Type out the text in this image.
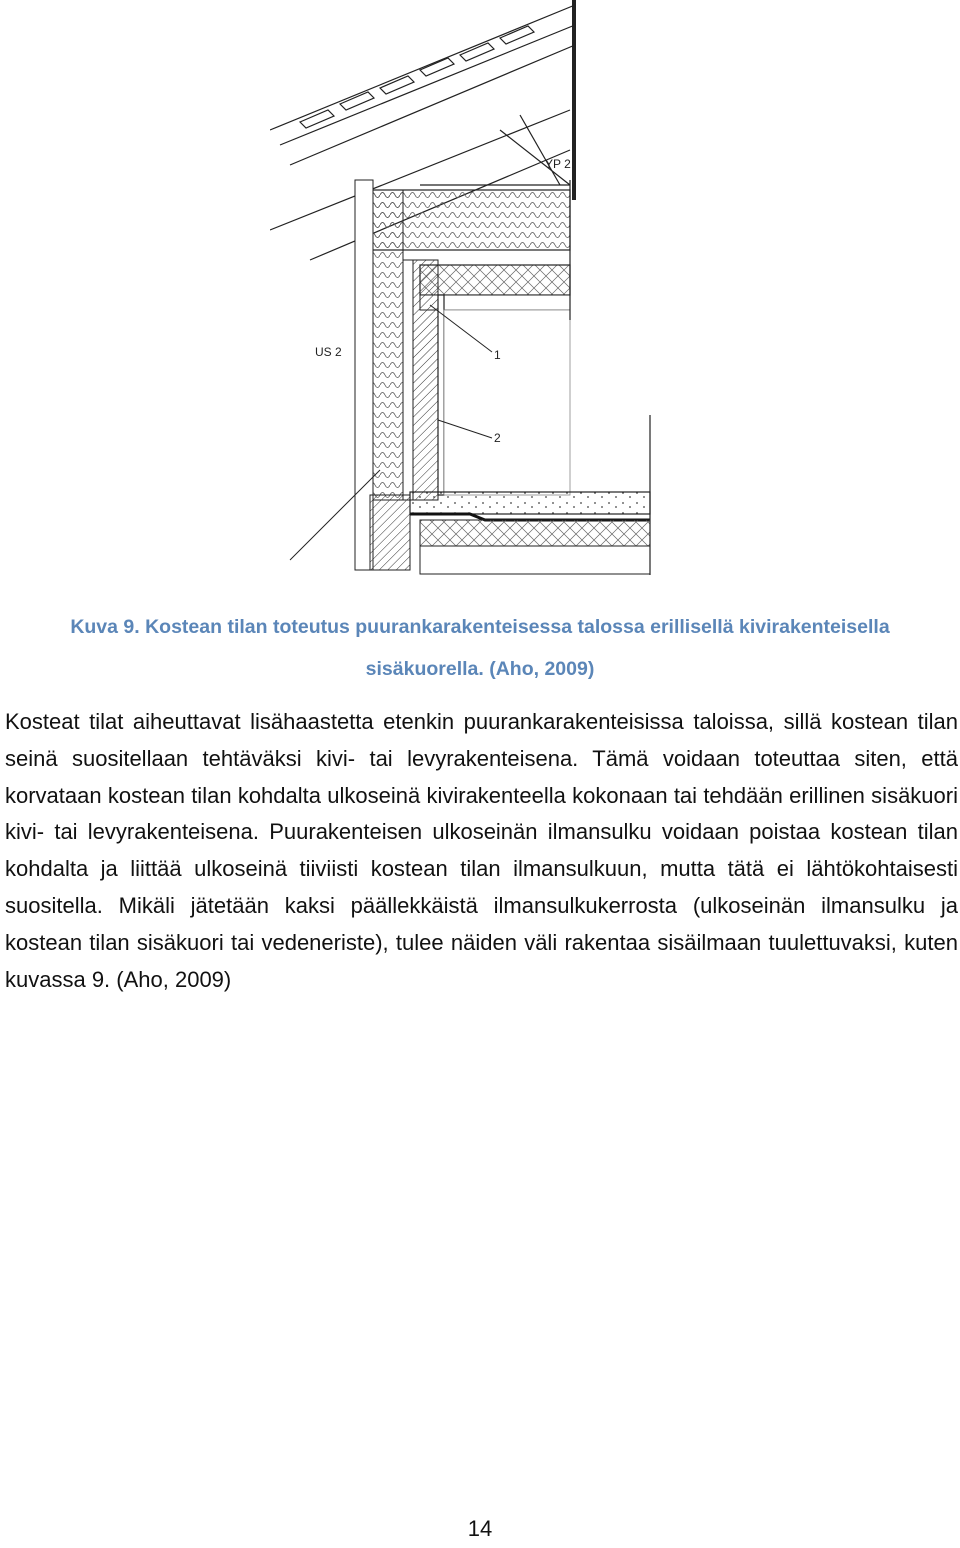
YP 2
US 2	1
2
Kuva 9. Kostean tilan toteutus puurankarakenteisessa talossa erillisellä kivirakenteisella
sisäkuorella. (Aho, 2009)
Kosteat tilat aiheuttavat lisähaastetta etenkin puurankarakenteisissa taloissa, sillä kostean tilan seinä suositellaan tehtäväksi kivi- tai levyrakenteisena. Tämä voidaan toteuttaa siten, että korvataan kostean tilan kohdalta ulkoseinä kivirakenteella kokonaan tai tehdään erillinen sisäkuori kivi- tai levyrakenteisena. Puurakenteisen ulkoseinän ilmansulku voidaan poistaa kostean tilan kohdalta ja liittää ulkoseinä tiiviisti kostean tilan ilmansulkuun, mutta tätä ei lähtökohtaisesti suositella. Mikäli jätetään kaksi päällekkäistä ilmansulkukerrosta (ulkoseinän ilmansulku ja kostean tilan sisäkuori tai vedeneriste), tulee näiden väli rakentaa sisäilmaan tuulettuvaksi, kuten kuvassa 9. (Aho, 2009)
14
